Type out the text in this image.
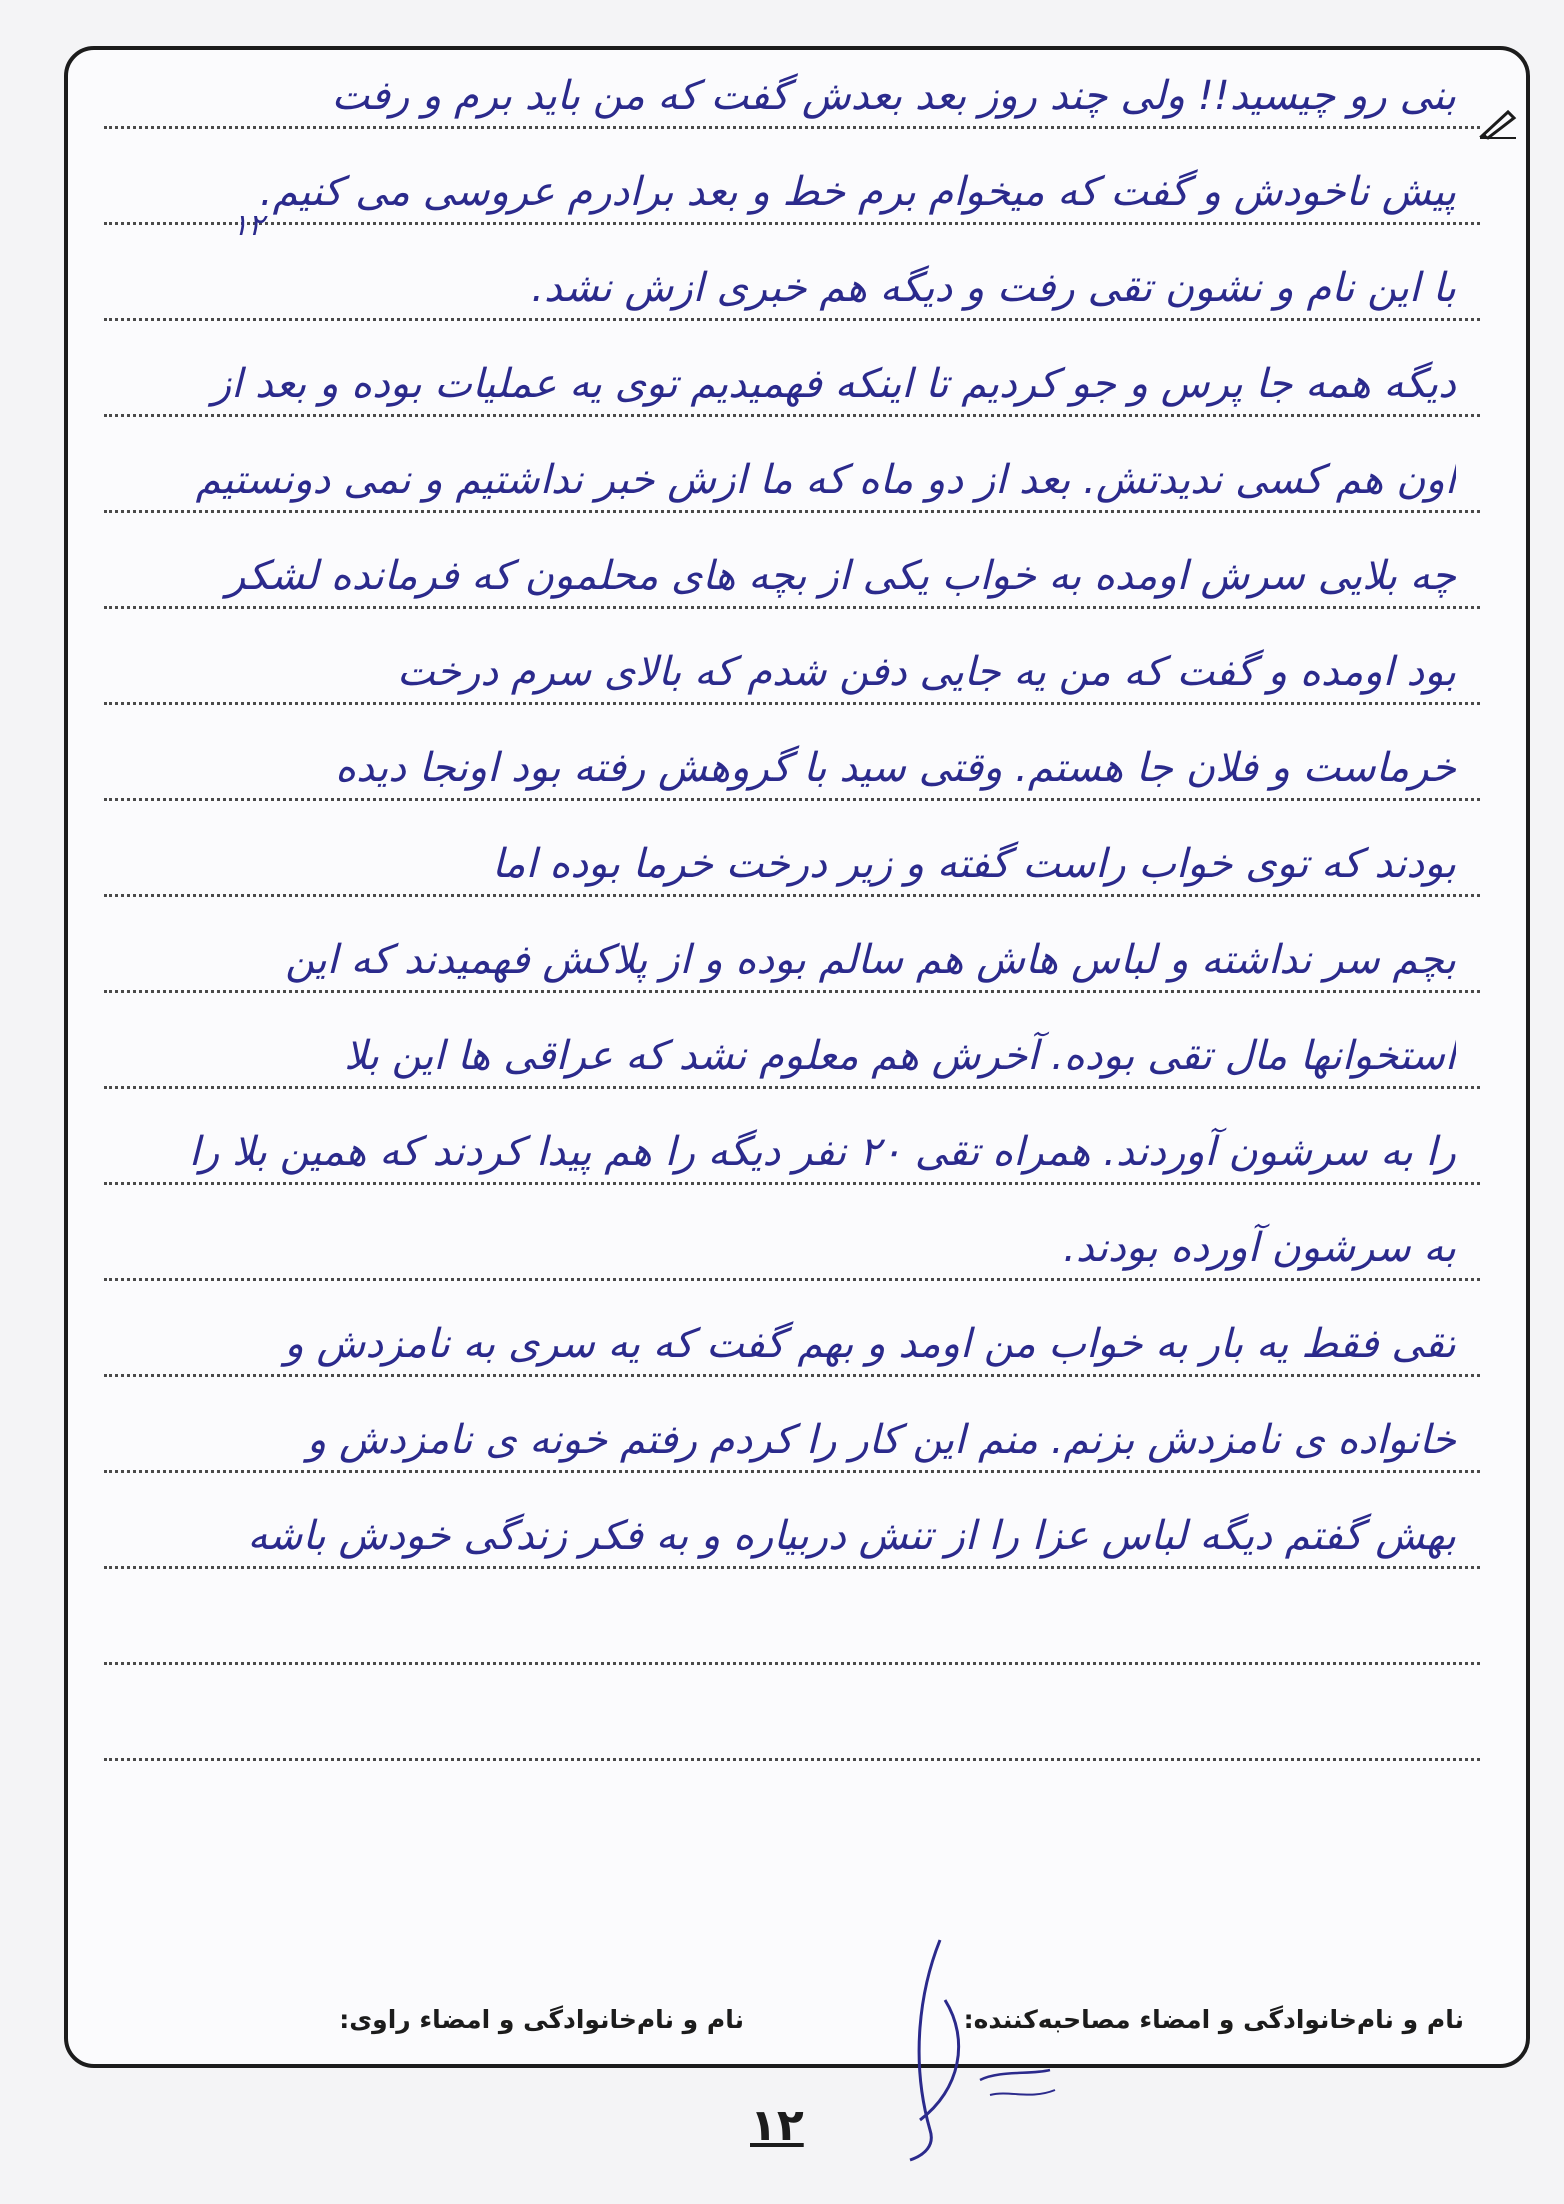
بنی رو چیسید!! ولی چند روز بعد بعدش گفت که من باید برم و رفت
پیش ناخودش و گفت که میخوام برم خط و بعد برادرم عروسی می کنیم.
با این نام و نشون تقی رفت و دیگه هم خبری ازش نشد.
دیگه همه جا پرس و جو کردیم تا اینکه فهمیدیم توی یه عملیات بوده و بعد از
اون هم کسی ندیدتش. بعد از دو ماه که ما ازش خبر نداشتیم و نمی دونستیم
چه بلایی سرش اومده به خواب یکی از بچه های محلمون که فرمانده لشکر
بود اومده و گفت که من یه جایی دفن شدم که بالای سرم درخت
خرماست و فلان جا هستم. وقتی سید با گروهش رفته بود اونجا دیده
بودند که توی خواب راست گفته و زیر درخت خرما بوده اما
بچم سر نداشته و لباس هاش هم سالم بوده و از پلاکش فهمیدند که این
استخوانها مال تقی بوده. آخرش هم معلوم نشد که عراقی ها این بلا
را به سرشون آوردند. همراه تقی ۲۰ نفر دیگه را هم پیدا کردند که همین بلا را
به سرشون آورده بودند.
تقی فقط یه بار به خواب من اومد و بهم گفت که یه سری به نامزدش و
خانواده ی نامزدش بزنم. منم این کار را کردم رفتم خونه ی نامزدش و
بهش گفتم دیگه لباس عزا را از تنش دربیاره و به فکر زندگی خودش باشه
۱۲
نام و نام‌خانوادگی و امضاء مصاحبه‌کننده:
نام و نام‌خانوادگی و امضاء راوی:
۱۲
